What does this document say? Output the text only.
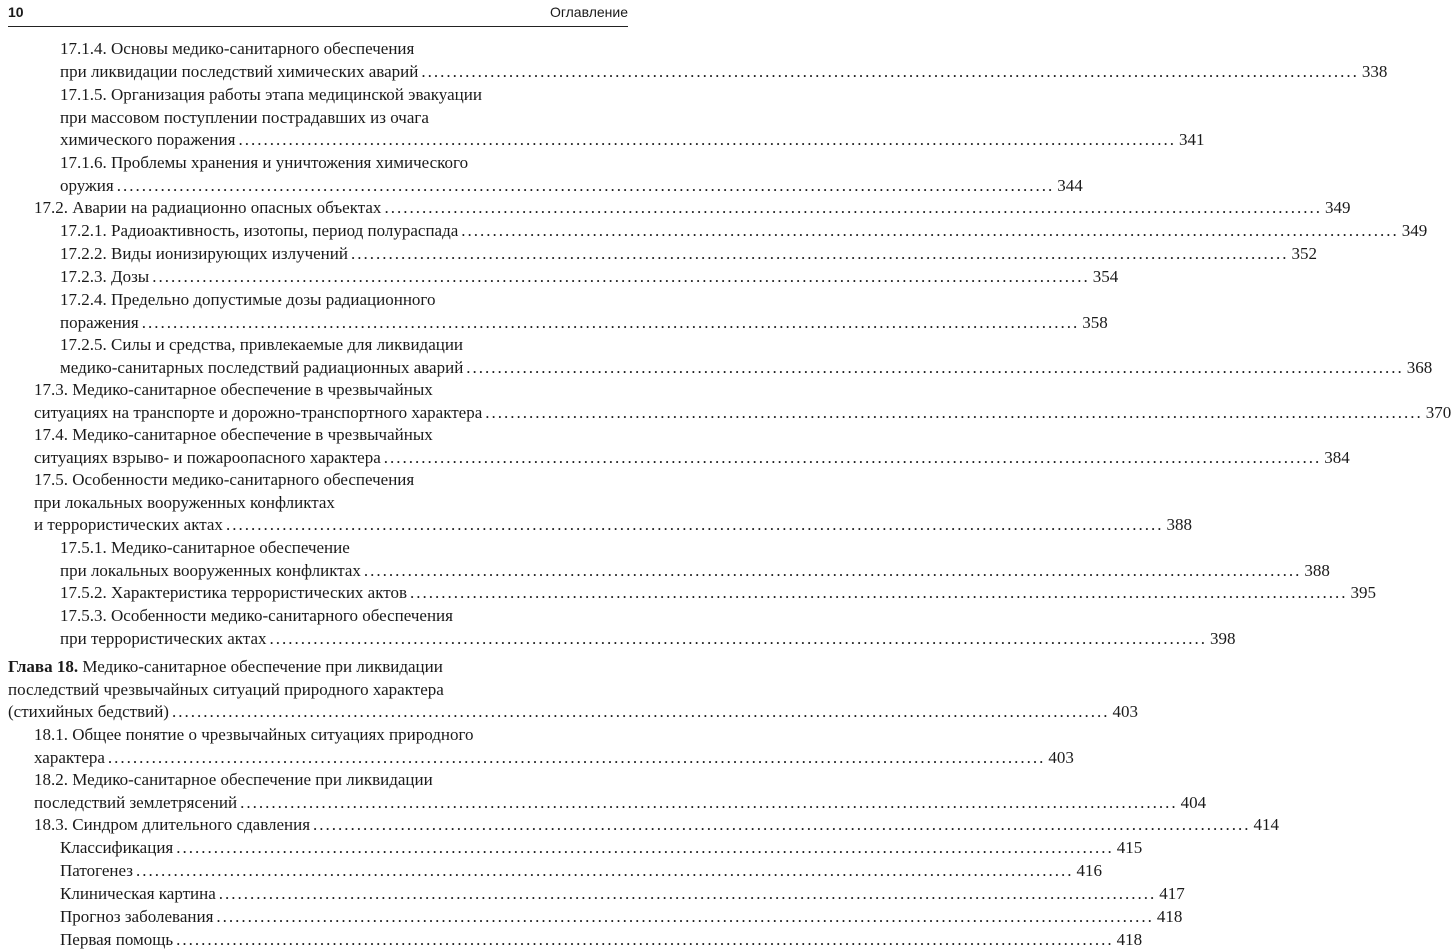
10	Оглавление
17.1.4. Основы медико-санитарного обеспечения
при ликвидации последствий химических аварий ...................................................................................................................................................... 338
17.1.5. Организация работы этапа медицинской эвакуации
при массовом поступлении пострадавших из очага
химического поражения ...................................................................................................................................................... 341
17.1.6. Проблемы хранения и уничтожения химического
оружия ...................................................................................................................................................... 344
17.2. Аварии на радиационно опасных объектах ...................................................................................................................................................... 349
17.2.1. Радиоактивность, изотопы, период полураспада ...................................................................................................................................................... 349
17.2.2. Виды ионизирующих излучений ...................................................................................................................................................... 352
17.2.3. Дозы ...................................................................................................................................................... 354
17.2.4. Предельно допустимые дозы радиационного
поражения ...................................................................................................................................................... 358
17.2.5. Силы и средства, привлекаемые для ликвидации
медико-санитарных последствий радиационных аварий ...................................................................................................................................................... 368
17.3. Медико-санитарное обеспечение в чрезвычайных
ситуациях на транспорте и дорожно-транспортного характера ...................................................................................................................................................... 370
17.4. Медико-санитарное обеспечение в чрезвычайных
ситуациях взрыво- и пожароопасного характера ...................................................................................................................................................... 384
17.5. Особенности медико-санитарного обеспечения
при локальных вооруженных конфликтах
и террористических актах ...................................................................................................................................................... 388
17.5.1. Медико-санитарное обеспечение
при локальных вооруженных конфликтах ...................................................................................................................................................... 388
17.5.2. Характеристика террористических актов ...................................................................................................................................................... 395
17.5.3. Особенности медико-санитарного обеспечения
при террористических актах ...................................................................................................................................................... 398
Глава 18. Медико-санитарное обеспечение при ликвидации
последствий чрезвычайных ситуаций природного характера
(стихийных бедствий) ...................................................................................................................................................... 403
18.1. Общее понятие о чрезвычайных ситуациях природного
характера ...................................................................................................................................................... 403
18.2. Медико-санитарное обеспечение при ликвидации
последствий землетрясений ...................................................................................................................................................... 404
18.3. Синдром длительного сдавления ...................................................................................................................................................... 414
Классификация ...................................................................................................................................................... 415
Патогенез ...................................................................................................................................................... 416
Клиническая картина ...................................................................................................................................................... 417
Прогноз заболевания ...................................................................................................................................................... 418
Первая помощь ...................................................................................................................................................... 418
